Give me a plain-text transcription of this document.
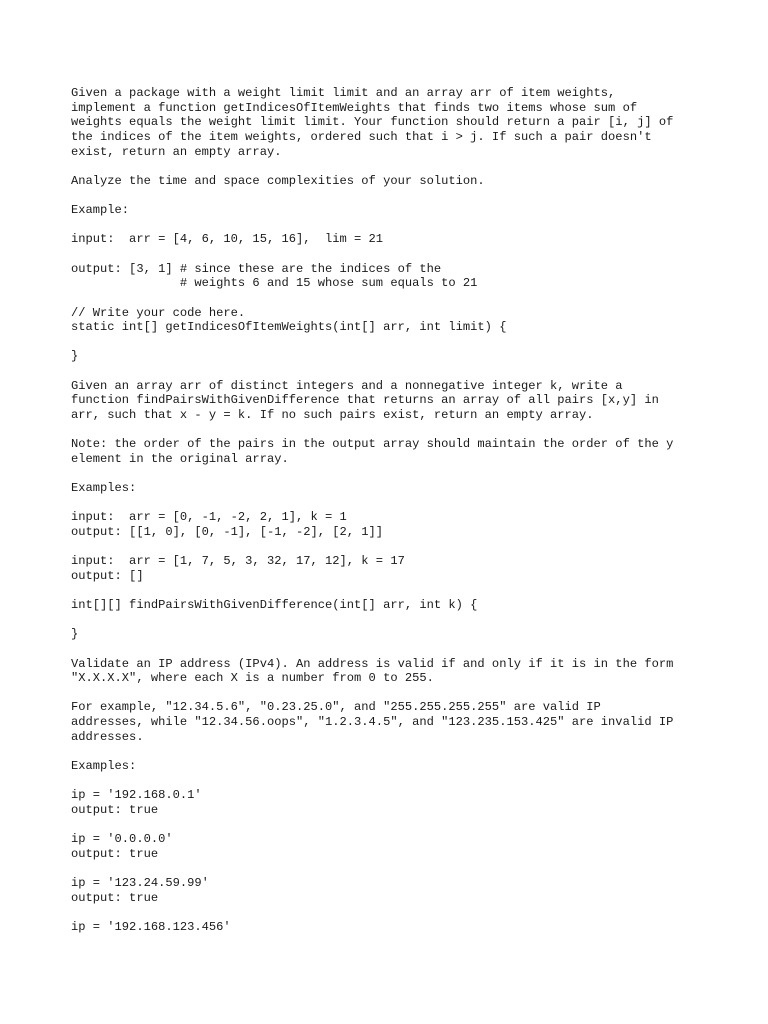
Given a package with a weight limit limit and an array arr of item weights,
implement a function getIndicesOfItemWeights that finds two items whose sum of
weights equals the weight limit limit. Your function should return a pair [i, j] of
the indices of the item weights, ordered such that i > j. If such a pair doesn't
exist, return an empty array.
Analyze the time and space complexities of your solution.
Example:
input:  arr = [4, 6, 10, 15, 16],  lim = 21
output: [3, 1] # since these are the indices of the
# weights 6 and 15 whose sum equals to 21
// Write your code here.
static int[] getIndicesOfItemWeights(int[] arr, int limit) {
}
Given an array arr of distinct integers and a nonnegative integer k, write a
function findPairsWithGivenDifference that returns an array of all pairs [x,y] in
arr, such that x - y = k. If no such pairs exist, return an empty array.
Note: the order of the pairs in the output array should maintain the order of the y
element in the original array.
Examples:
input:  arr = [0, -1, -2, 2, 1], k = 1
output: [[1, 0], [0, -1], [-1, -2], [2, 1]]
input:  arr = [1, 7, 5, 3, 32, 17, 12], k = 17
output: []
int[][] findPairsWithGivenDifference(int[] arr, int k) {
}
Validate an IP address (IPv4). An address is valid if and only if it is in the form
"X.X.X.X", where each X is a number from 0 to 255.
For example, "12.34.5.6", "0.23.25.0", and "255.255.255.255" are valid IP
addresses, while "12.34.56.oops", "1.2.3.4.5", and "123.235.153.425" are invalid IP
addresses.
Examples:
ip = '192.168.0.1'
output: true
ip = '0.0.0.0'
output: true
ip = '123.24.59.99'
output: true
ip = '192.168.123.456'
